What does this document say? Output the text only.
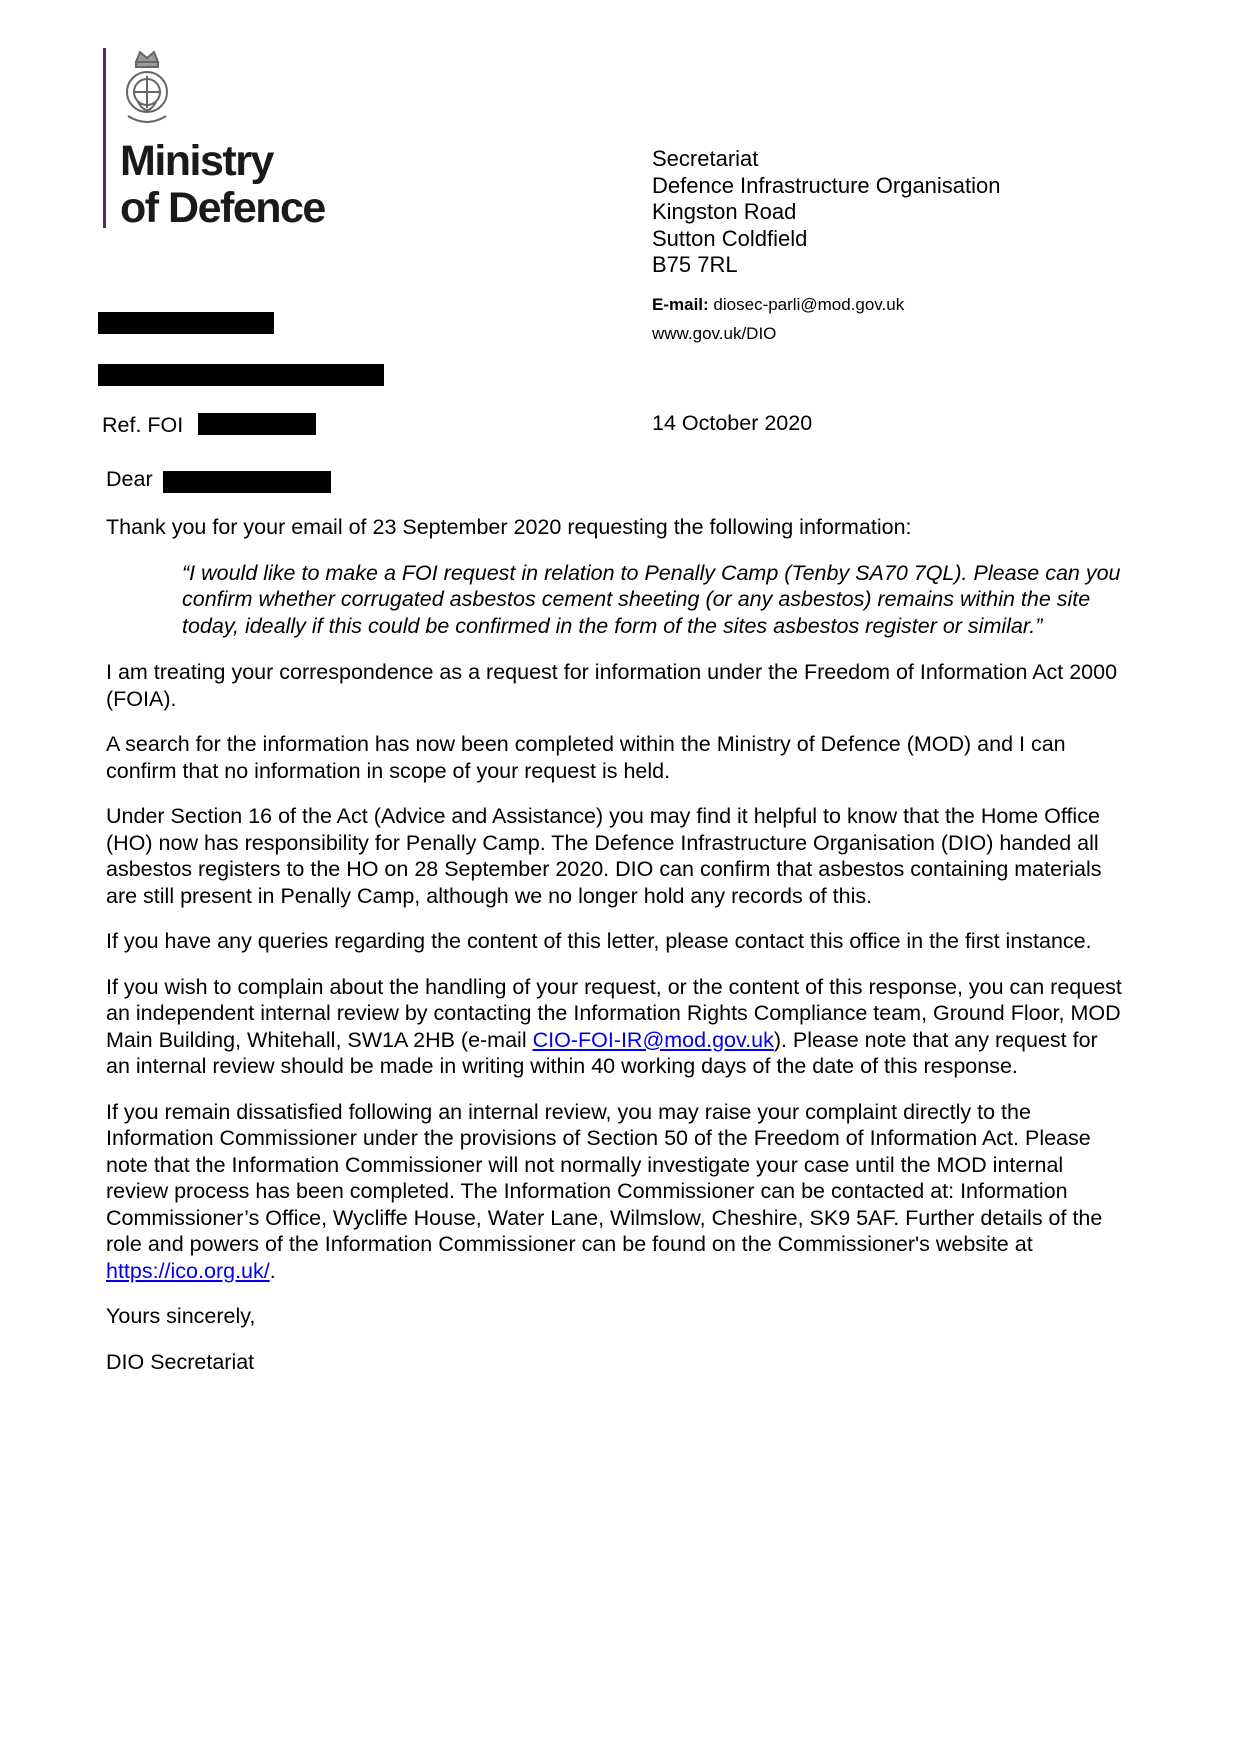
Ministry
of Defence
Secretariat
Defence Infrastructure Organisation
Kingston Road
Sutton Coldfield
B75 7RL
E-mail: diosec-parli@mod.gov.uk
www.gov.uk/DIO
Ref. FOI	14 October 2020
Dear

Thank you for your email of 23 September 2020 requesting the following information:

“I would like to make a FOI request in relation to Penally Camp (Tenby SA70 7QL). Please can you confirm whether corrugated asbestos cement sheeting (or any asbestos) remains within the site today, ideally if this could be confirmed in the form of the sites asbestos register or similar.”

I am treating your correspondence as a request for information under the Freedom of Information Act 2000 (FOIA).

A search for the information has now been completed within the Ministry of Defence (MOD) and I can confirm that no information in scope of your request is held.

Under Section 16 of the Act (Advice and Assistance) you may find it helpful to know that the Home Office (HO) now has responsibility for Penally Camp. The Defence Infrastructure Organisation (DIO) handed all asbestos registers to the HO on 28 September 2020. DIO can confirm that asbestos containing materials are still present in Penally Camp, although we no longer hold any records of this.

If you have any queries regarding the content of this letter, please contact this office in the first instance.

If you wish to complain about the handling of your request, or the content of this response, you can request an independent internal review by contacting the Information Rights Compliance team, Ground Floor, MOD Main Building, Whitehall, SW1A 2HB (e-mail CIO-FOI-IR@mod.gov.uk). Please note that any request for an internal review should be made in writing within 40 working days of the date of this response.

If you remain dissatisfied following an internal review, you may raise your complaint directly to the Information Commissioner under the provisions of Section 50 of the Freedom of Information Act. Please note that the Information Commissioner will not normally investigate your case until the MOD internal review process has been completed. The Information Commissioner can be contacted at: Information Commissioner’s Office, Wycliffe House, Water Lane, Wilmslow, Cheshire, SK9 5AF. Further details of the role and powers of the Information Commissioner can be found on the Commissioner's website at https://ico.org.uk/.

Yours sincerely,

DIO Secretariat
